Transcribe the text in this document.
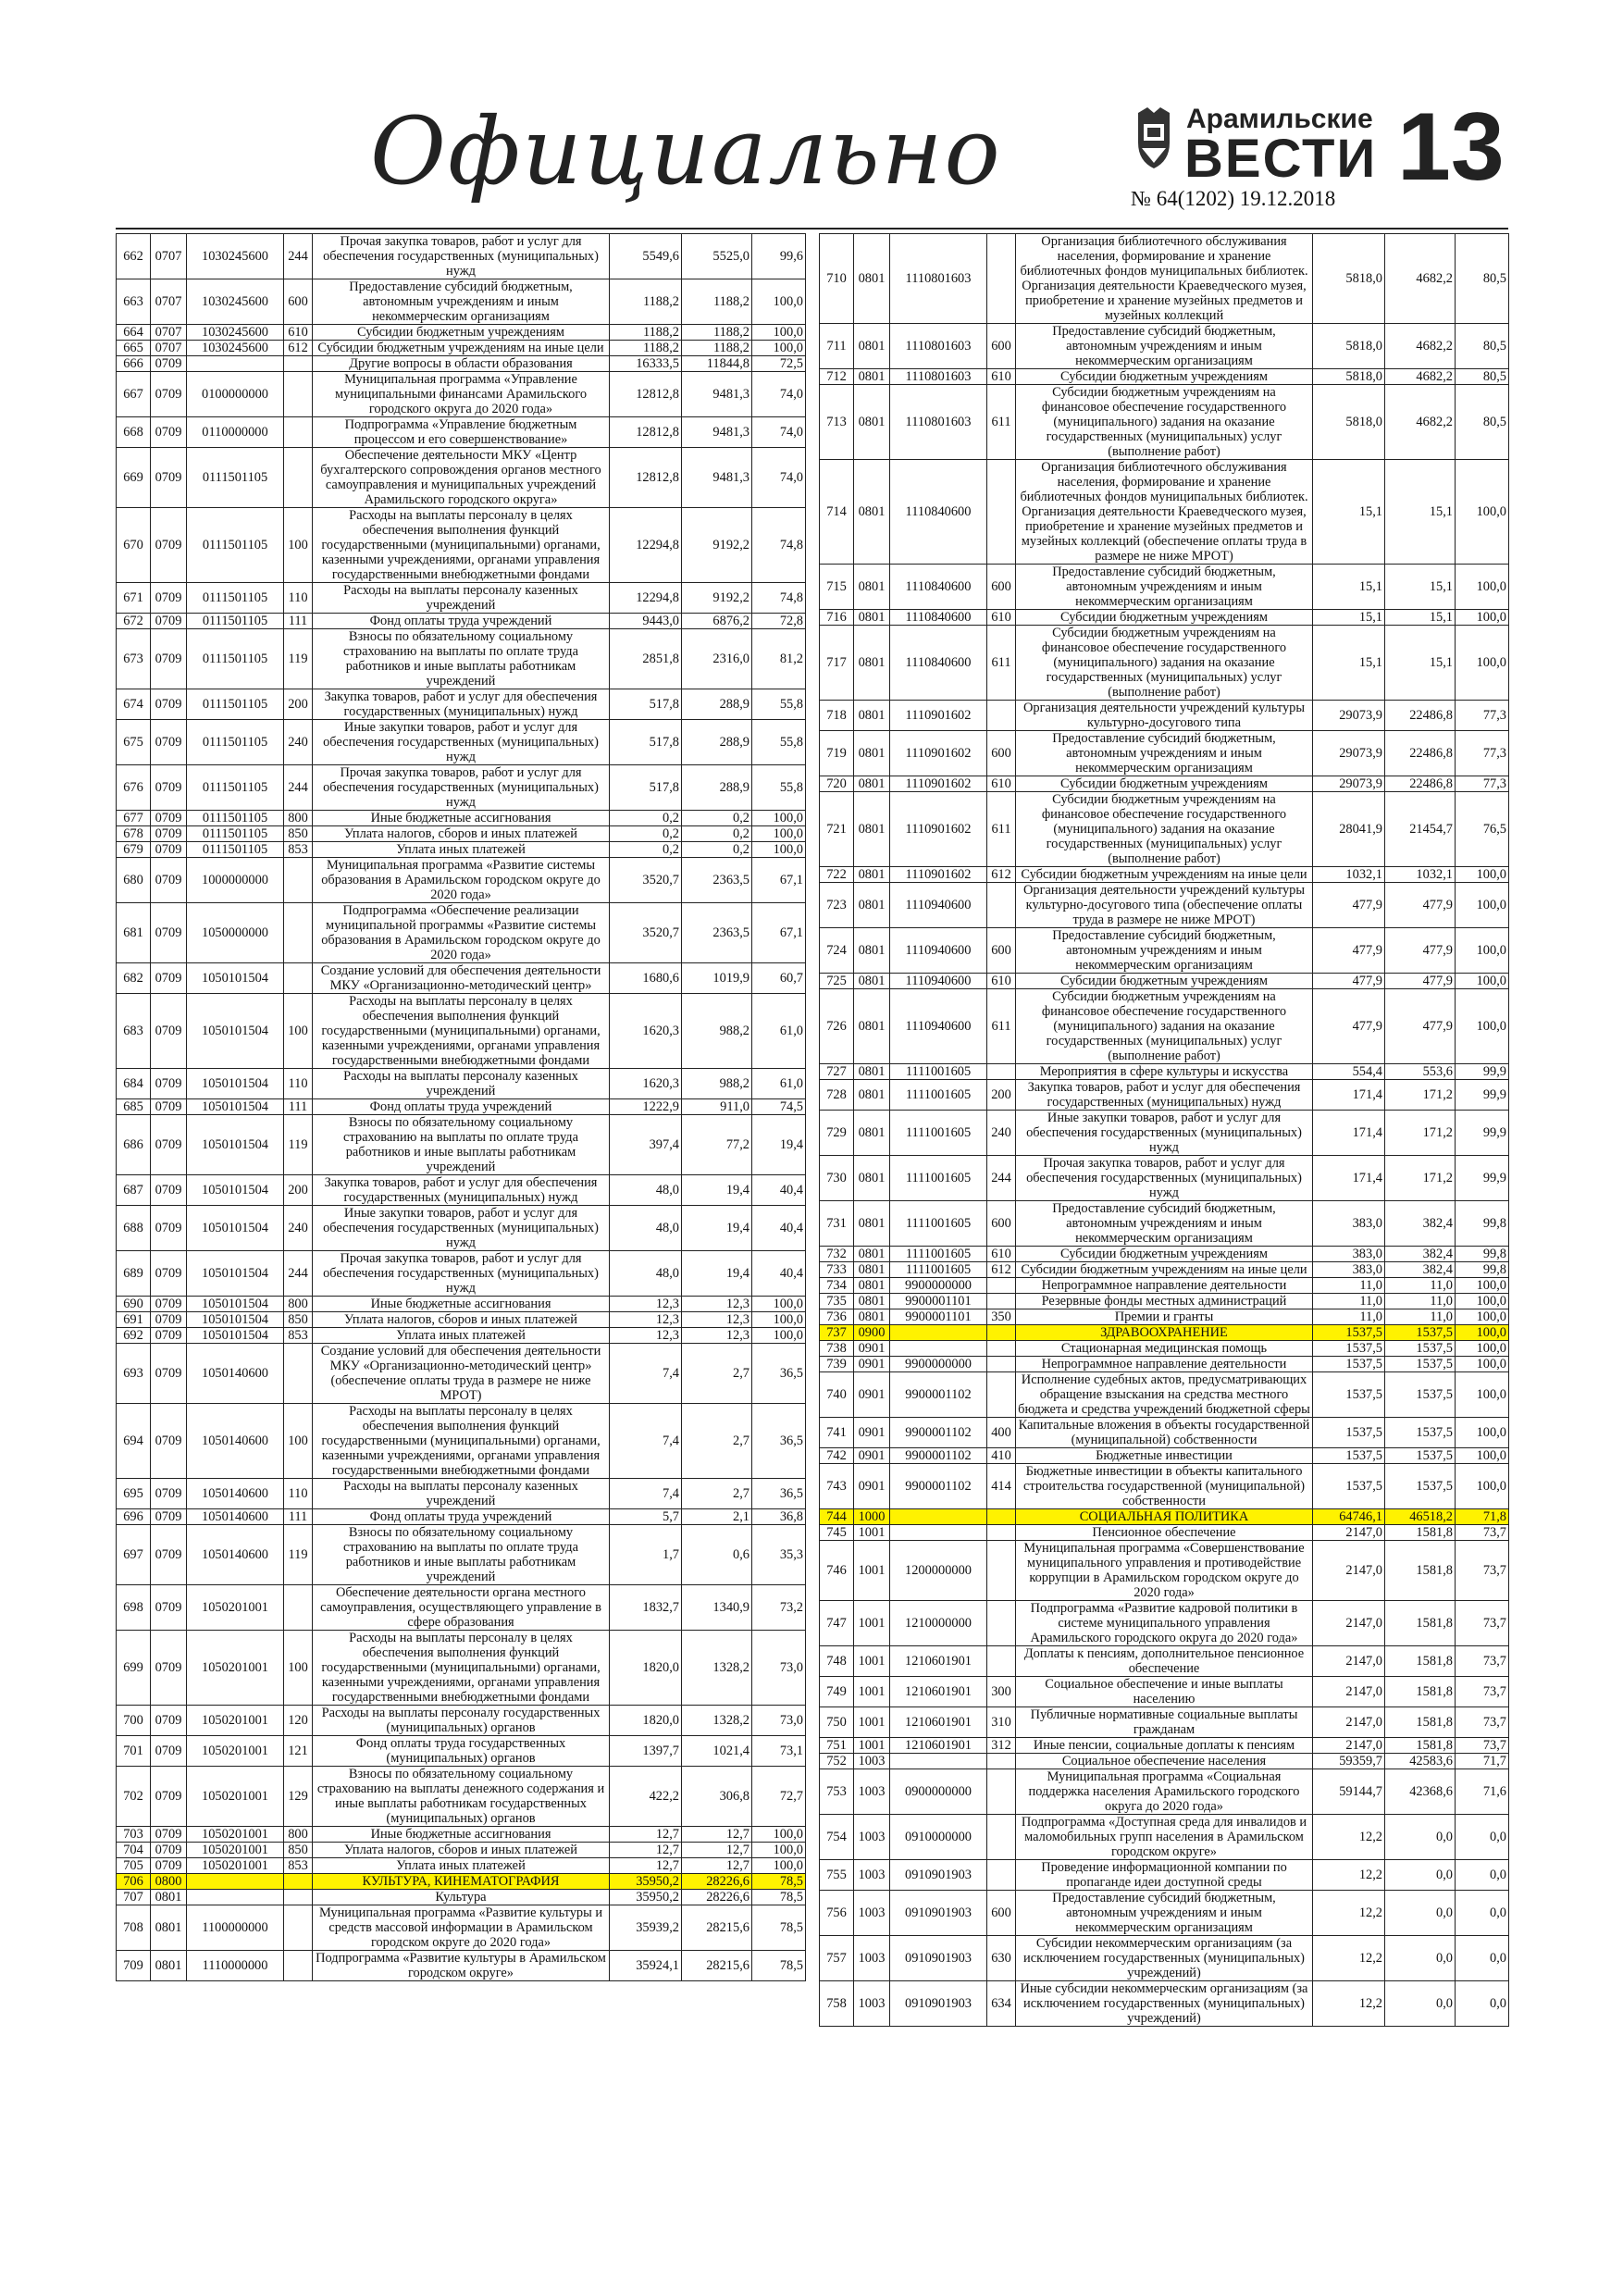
Официально	Арамильские
ВЕСТИ
№ 64(1202) 19.12.2018 13
662	0707	1030245600	244	Прочая закупка товаров, работ и услуг для обеспечения государственных (муниципальных) нужд	5549,6	5525,0	99,6
663	0707	1030245600	600	Предоставление субсидий бюджетным, автономным учреждениям и иным некоммерческим организациям	1188,2	1188,2	100,0
664	0707	1030245600	610	Субсидии бюджетным учреждениям	1188,2	1188,2	100,0
665	0707	1030245600	612	Субсидии бюджетным учреждениям на иные цели	1188,2	1188,2	100,0
666	0709			Другие вопросы в области образования	16333,5	11844,8	72,5
667	0709	0100000000		Муниципальная программа «Управление муниципальными финансами Арамильского городского округа до 2020 года»	12812,8	9481,3	74,0
668	0709	0110000000		Подпрограмма «Управление бюджетным процессом и его совершенствование»	12812,8	9481,3	74,0
669	0709	0111501105		Обеспечение деятельности МКУ «Центр бухгалтерского сопровождения органов местного самоуправления и муниципальных учреждений Арамильского городского округа»	12812,8	9481,3	74,0
670	0709	0111501105	100	Расходы на выплаты персоналу в целях обеспечения выполнения функций государственными (муниципальными) органами, казенными учреждениями, органами управления государственными внебюджетными фондами	12294,8	9192,2	74,8
671	0709	0111501105	110	Расходы на выплаты персоналу казенных учреждений	12294,8	9192,2	74,8
672	0709	0111501105	111	Фонд оплаты труда учреждений	9443,0	6876,2	72,8
673	0709	0111501105	119	Взносы по обязательному социальному страхованию на выплаты по оплате труда работников и иные выплаты работникам учреждений	2851,8	2316,0	81,2
674	0709	0111501105	200	Закупка товаров, работ и услуг для обеспечения государственных (муниципальных) нужд	517,8	288,9	55,8
675	0709	0111501105	240	Иные закупки товаров, работ и услуг для обеспечения государственных (муниципальных) нужд	517,8	288,9	55,8
676	0709	0111501105	244	Прочая закупка товаров, работ и услуг для обеспечения государственных (муниципальных) нужд	517,8	288,9	55,8
677	0709	0111501105	800	Иные бюджетные ассигнования	0,2	0,2	100,0
678	0709	0111501105	850	Уплата налогов, сборов и иных платежей	0,2	0,2	100,0
679	0709	0111501105	853	Уплата иных платежей	0,2	0,2	100,0
680	0709	1000000000		Муниципальная программа «Развитие системы образования в Арамильском городском округе до 2020 года»	3520,7	2363,5	67,1
681	0709	1050000000		Подпрограмма «Обеспечение реализации муниципальной программы «Развитие системы образования в Арамильском городском округе до 2020 года»	3520,7	2363,5	67,1
682	0709	1050101504		Создание условий для обеспечения деятельности МКУ «Организационно-методический центр»	1680,6	1019,9	60,7
683	0709	1050101504	100	Расходы на выплаты персоналу в целях обеспечения выполнения функций государственными (муниципальными) органами, казенными учреждениями, органами управления государственными внебюджетными фондами	1620,3	988,2	61,0
684	0709	1050101504	110	Расходы на выплаты персоналу казенных учреждений	1620,3	988,2	61,0
685	0709	1050101504	111	Фонд оплаты труда учреждений	1222,9	911,0	74,5
686	0709	1050101504	119	Взносы по обязательному социальному страхованию на выплаты по оплате труда работников и иные выплаты работникам учреждений	397,4	77,2	19,4
687	0709	1050101504	200	Закупка товаров, работ и услуг для обеспечения государственных (муниципальных) нужд	48,0	19,4	40,4
688	0709	1050101504	240	Иные закупки товаров, работ и услуг для обеспечения государственных (муниципальных) нужд	48,0	19,4	40,4
689	0709	1050101504	244	Прочая закупка товаров, работ и услуг для обеспечения государственных (муниципальных) нужд	48,0	19,4	40,4
690	0709	1050101504	800	Иные бюджетные ассигнования	12,3	12,3	100,0
691	0709	1050101504	850	Уплата налогов, сборов и иных платежей	12,3	12,3	100,0
692	0709	1050101504	853	Уплата иных платежей	12,3	12,3	100,0
693	0709	1050140600		Создание условий для обеспечения деятельности МКУ «Организационно-методический центр» (обеспечение оплаты труда в размере не ниже МРОТ)	7,4	2,7	36,5
694	0709	1050140600	100	Расходы на выплаты персоналу в целях обеспечения выполнения функций государственными (муниципальными) органами, казенными учреждениями, органами управления государственными внебюджетными фондами	7,4	2,7	36,5
695	0709	1050140600	110	Расходы на выплаты персоналу казенных учреждений	7,4	2,7	36,5
696	0709	1050140600	111	Фонд оплаты труда учреждений	5,7	2,1	36,8
697	0709	1050140600	119	Взносы по обязательному социальному страхованию на выплаты по оплате труда работников и иные выплаты работникам учреждений	1,7	0,6	35,3
698	0709	1050201001		Обеспечение деятельности органа местного самоуправления, осуществляющего управление в сфере образования	1832,7	1340,9	73,2
699	0709	1050201001	100	Расходы на выплаты персоналу в целях обеспечения выполнения функций государственными (муниципальными) органами, казенными учреждениями, органами управления государственными внебюджетными фондами	1820,0	1328,2	73,0
700	0709	1050201001	120	Расходы на выплаты персоналу государственных (муниципальных) органов	1820,0	1328,2	73,0
701	0709	1050201001	121	Фонд оплаты труда государственных (муниципальных) органов	1397,7	1021,4	73,1
702	0709	1050201001	129	Взносы по обязательному социальному страхованию на выплаты денежного содержания и иные выплаты работникам государственных (муниципальных) органов	422,2	306,8	72,7
703	0709	1050201001	800	Иные бюджетные ассигнования	12,7	12,7	100,0
704	0709	1050201001	850	Уплата налогов, сборов и иных платежей	12,7	12,7	100,0
705	0709	1050201001	853	Уплата иных платежей	12,7	12,7	100,0
706	0800			КУЛЬТУРА, КИНЕМАТОГРАФИЯ	35950,2	28226,6	78,5
707	0801			Культура	35950,2	28226,6	78,5
708	0801	1100000000		Муниципальная программа «Развитие культуры и средств массовой информации в Арамильском городском округе до 2020 года»	35939,2	28215,6	78,5
709	0801	1110000000		Подпрограмма «Развитие культуры в Арамильском городском округе»	35924,1	28215,6	78,5
710	0801	1110801603		Организация библиотечного обслуживания населения, формирование и хранение библиотечных фондов муниципальных библиотек. Организация деятельности Краеведческого музея, приобретение и хранение музейных предметов и музейных коллекций	5818,0	4682,2	80,5
711	0801	1110801603	600	Предоставление субсидий бюджетным, автономным учреждениям и иным некоммерческим организациям	5818,0	4682,2	80,5
712	0801	1110801603	610	Субсидии бюджетным учреждениям	5818,0	4682,2	80,5
713	0801	1110801603	611	Субсидии бюджетным учреждениям на финансовое обеспечение государственного (муниципального) задания на оказание государственных (муниципальных) услуг (выполнение работ)	5818,0	4682,2	80,5
714	0801	1110840600		Организация библиотечного обслуживания населения, формирование и хранение библиотечных фондов муниципальных библиотек. Организация деятельности Краеведческого музея, приобретение и хранение музейных предметов и музейных коллекций (обеспечение оплаты труда в размере не ниже МРОТ)	15,1	15,1	100,0
715	0801	1110840600	600	Предоставление субсидий бюджетным, автономным учреждениям и иным некоммерческим организациям	15,1	15,1	100,0
716	0801	1110840600	610	Субсидии бюджетным учреждениям	15,1	15,1	100,0
717	0801	1110840600	611	Субсидии бюджетным учреждениям на финансовое обеспечение государственного (муниципального) задания на оказание государственных (муниципальных) услуг (выполнение работ)	15,1	15,1	100,0
718	0801	1110901602		Организация деятельности учреждений культуры культурно-досугового типа	29073,9	22486,8	77,3
719	0801	1110901602	600	Предоставление субсидий бюджетным, автономным учреждениям и иным некоммерческим организациям	29073,9	22486,8	77,3
720	0801	1110901602	610	Субсидии бюджетным учреждениям	29073,9	22486,8	77,3
721	0801	1110901602	611	Субсидии бюджетным учреждениям на финансовое обеспечение государственного (муниципального) задания на оказание государственных (муниципальных) услуг (выполнение работ)	28041,9	21454,7	76,5
722	0801	1110901602	612	Субсидии бюджетным учреждениям на иные цели	1032,1	1032,1	100,0
723	0801	1110940600		Организация деятельности учреждений культуры культурно-досугового типа (обеспечение оплаты труда в размере не ниже МРОТ)	477,9	477,9	100,0
724	0801	1110940600	600	Предоставление субсидий бюджетным, автономным учреждениям и иным некоммерческим организациям	477,9	477,9	100,0
725	0801	1110940600	610	Субсидии бюджетным учреждениям	477,9	477,9	100,0
726	0801	1110940600	611	Субсидии бюджетным учреждениям на финансовое обеспечение государственного (муниципального) задания на оказание государственных (муниципальных) услуг (выполнение работ)	477,9	477,9	100,0
727	0801	1111001605		Мероприятия в сфере культуры и искусства	554,4	553,6	99,9
728	0801	1111001605	200	Закупка товаров, работ и услуг для обеспечения государственных (муниципальных) нужд	171,4	171,2	99,9
729	0801	1111001605	240	Иные закупки товаров, работ и услуг для обеспечения государственных (муниципальных) нужд	171,4	171,2	99,9
730	0801	1111001605	244	Прочая закупка товаров, работ и услуг для обеспечения государственных (муниципальных) нужд	171,4	171,2	99,9
731	0801	1111001605	600	Предоставление субсидий бюджетным, автономным учреждениям и иным некоммерческим организациям	383,0	382,4	99,8
732	0801	1111001605	610	Субсидии бюджетным учреждениям	383,0	382,4	99,8
733	0801	1111001605	612	Субсидии бюджетным учреждениям на иные цели	383,0	382,4	99,8
734	0801	9900000000		Непрограммное направление деятельности	11,0	11,0	100,0
735	0801	9900001101		Резервные фонды местных администраций	11,0	11,0	100,0
736	0801	9900001101	350	Премии и гранты	11,0	11,0	100,0
737	0900			ЗДРАВООХРАНЕНИЕ	1537,5	1537,5	100,0
738	0901			Стационарная медицинская помощь	1537,5	1537,5	100,0
739	0901	9900000000		Непрограммное направление деятельности	1537,5	1537,5	100,0
740	0901	9900001102		Исполнение судебных актов, предусматривающих обращение взыскания на средства местного бюджета и средства учреждений бюджетной сферы	1537,5	1537,5	100,0
741	0901	9900001102	400	Капитальные вложения в объекты государственной (муниципальной) собственности	1537,5	1537,5	100,0
742	0901	9900001102	410	Бюджетные инвестиции	1537,5	1537,5	100,0
743	0901	9900001102	414	Бюджетные инвестиции в объекты капитального строительства государственной (муниципальной) собственности	1537,5	1537,5	100,0
744	1000			СОЦИАЛЬНАЯ ПОЛИТИКА	64746,1	46518,2	71,8
745	1001			Пенсионное обеспечение	2147,0	1581,8	73,7
746	1001	1200000000		Муниципальная программа «Совершенствование муниципального управления и противодействие коррупции в Арамильском городском округе до 2020 года»	2147,0	1581,8	73,7
747	1001	1210000000		Подпрограмма «Развитие кадровой политики в системе муниципального управления Арамильского городского округа до 2020 года»	2147,0	1581,8	73,7
748	1001	1210601901		Доплаты к пенсиям, дополнительное пенсионное обеспечение	2147,0	1581,8	73,7
749	1001	1210601901	300	Социальное обеспечение и иные выплаты населению	2147,0	1581,8	73,7
750	1001	1210601901	310	Публичные нормативные социальные выплаты гражданам	2147,0	1581,8	73,7
751	1001	1210601901	312	Иные пенсии, социальные доплаты к пенсиям	2147,0	1581,8	73,7
752	1003			Социальное обеспечение населения	59359,7	42583,6	71,7
753	1003	0900000000		Муниципальная программа «Социальная поддержка населения Арамильского городского округа до 2020 года»	59144,7	42368,6	71,6
754	1003	0910000000		Подпрограмма «Доступная среда для инвалидов и маломобильных групп населения в Арамильском городском округе»	12,2	0,0	0,0
755	1003	0910901903		Проведение информационной компании по пропаганде идеи доступной среды	12,2	0,0	0,0
756	1003	0910901903	600	Предоставление субсидий бюджетным, автономным учреждениям и иным некоммерческим организациям	12,2	0,0	0,0
757	1003	0910901903	630	Субсидии некоммерческим организациям (за исключением государственных (муниципальных) учреждений)	12,2	0,0	0,0
758	1003	0910901903	634	Иные субсидии некоммерческим организациям (за исключением государственных (муниципальных) учреждений)	12,2	0,0	0,0
